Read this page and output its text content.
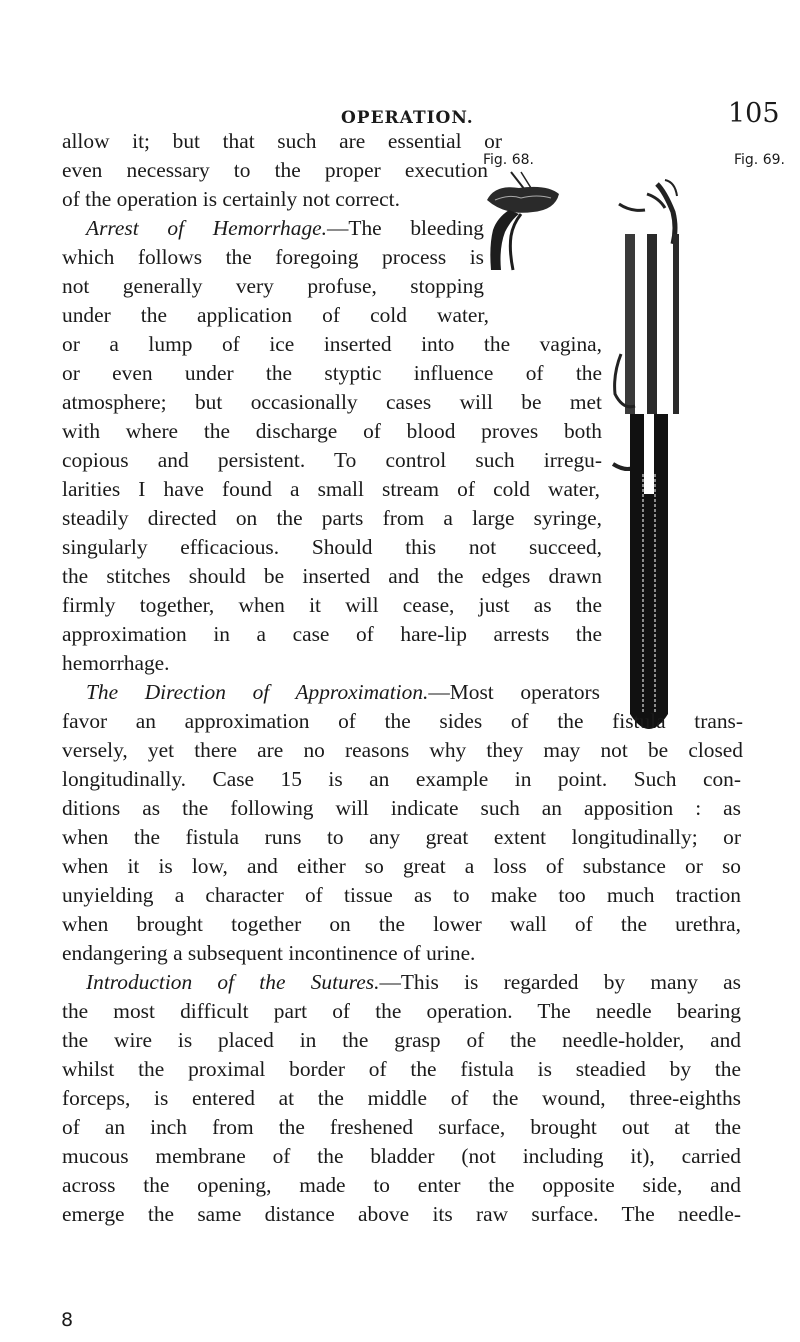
OPERATION.	105
Fig. 68.	Fig. 69.
allow it; but that such are essential or
even necessary to the proper execution
of the operation is certainly not correct.
Arrest of Hemorrhage.—The bleeding
which follows the foregoing process is
not generally very profuse, stopping
under the application of cold water,
or a lump of ice inserted into the vagina,
or even under the styptic influence of the
atmosphere; but occasionally cases will be met
with where the discharge of blood proves both
copious and persistent. To control such irregu-
larities I have found a small stream of cold water,
steadily directed on the parts from a large syringe,
singularly efficacious. Should this not succeed,
the stitches should be inserted and the edges drawn
firmly together, when it will cease, just as the
approximation in a case of hare-lip arrests the
hemorrhage.
The Direction of Approximation.—Most operators
favor an approximation of the sides of the fistula trans-
versely, yet there are no reasons why they may not be closed
longitudinally. Case 15 is an example in point. Such con-
ditions as the following will indicate such an apposition : as
when the fistula runs to any great extent longitudinally; or
when it is low, and either so great a loss of substance or so
unyielding a character of tissue as to make too much traction
when brought together on the lower wall of the urethra,
endangering a subsequent incontinence of urine.
Introduction of the Sutures.—This is regarded by many as
the most difficult part of the operation. The needle bearing
the wire is placed in the grasp of the needle-holder, and
whilst the proximal border of the fistula is steadied by the
forceps, is entered at the middle of the wound, three-eighths
of an inch from the freshened surface, brought out at the
mucous membrane of the bladder (not including it), carried
across the opening, made to enter the opposite side, and
emerge the same distance above its raw surface. The needle-
8
